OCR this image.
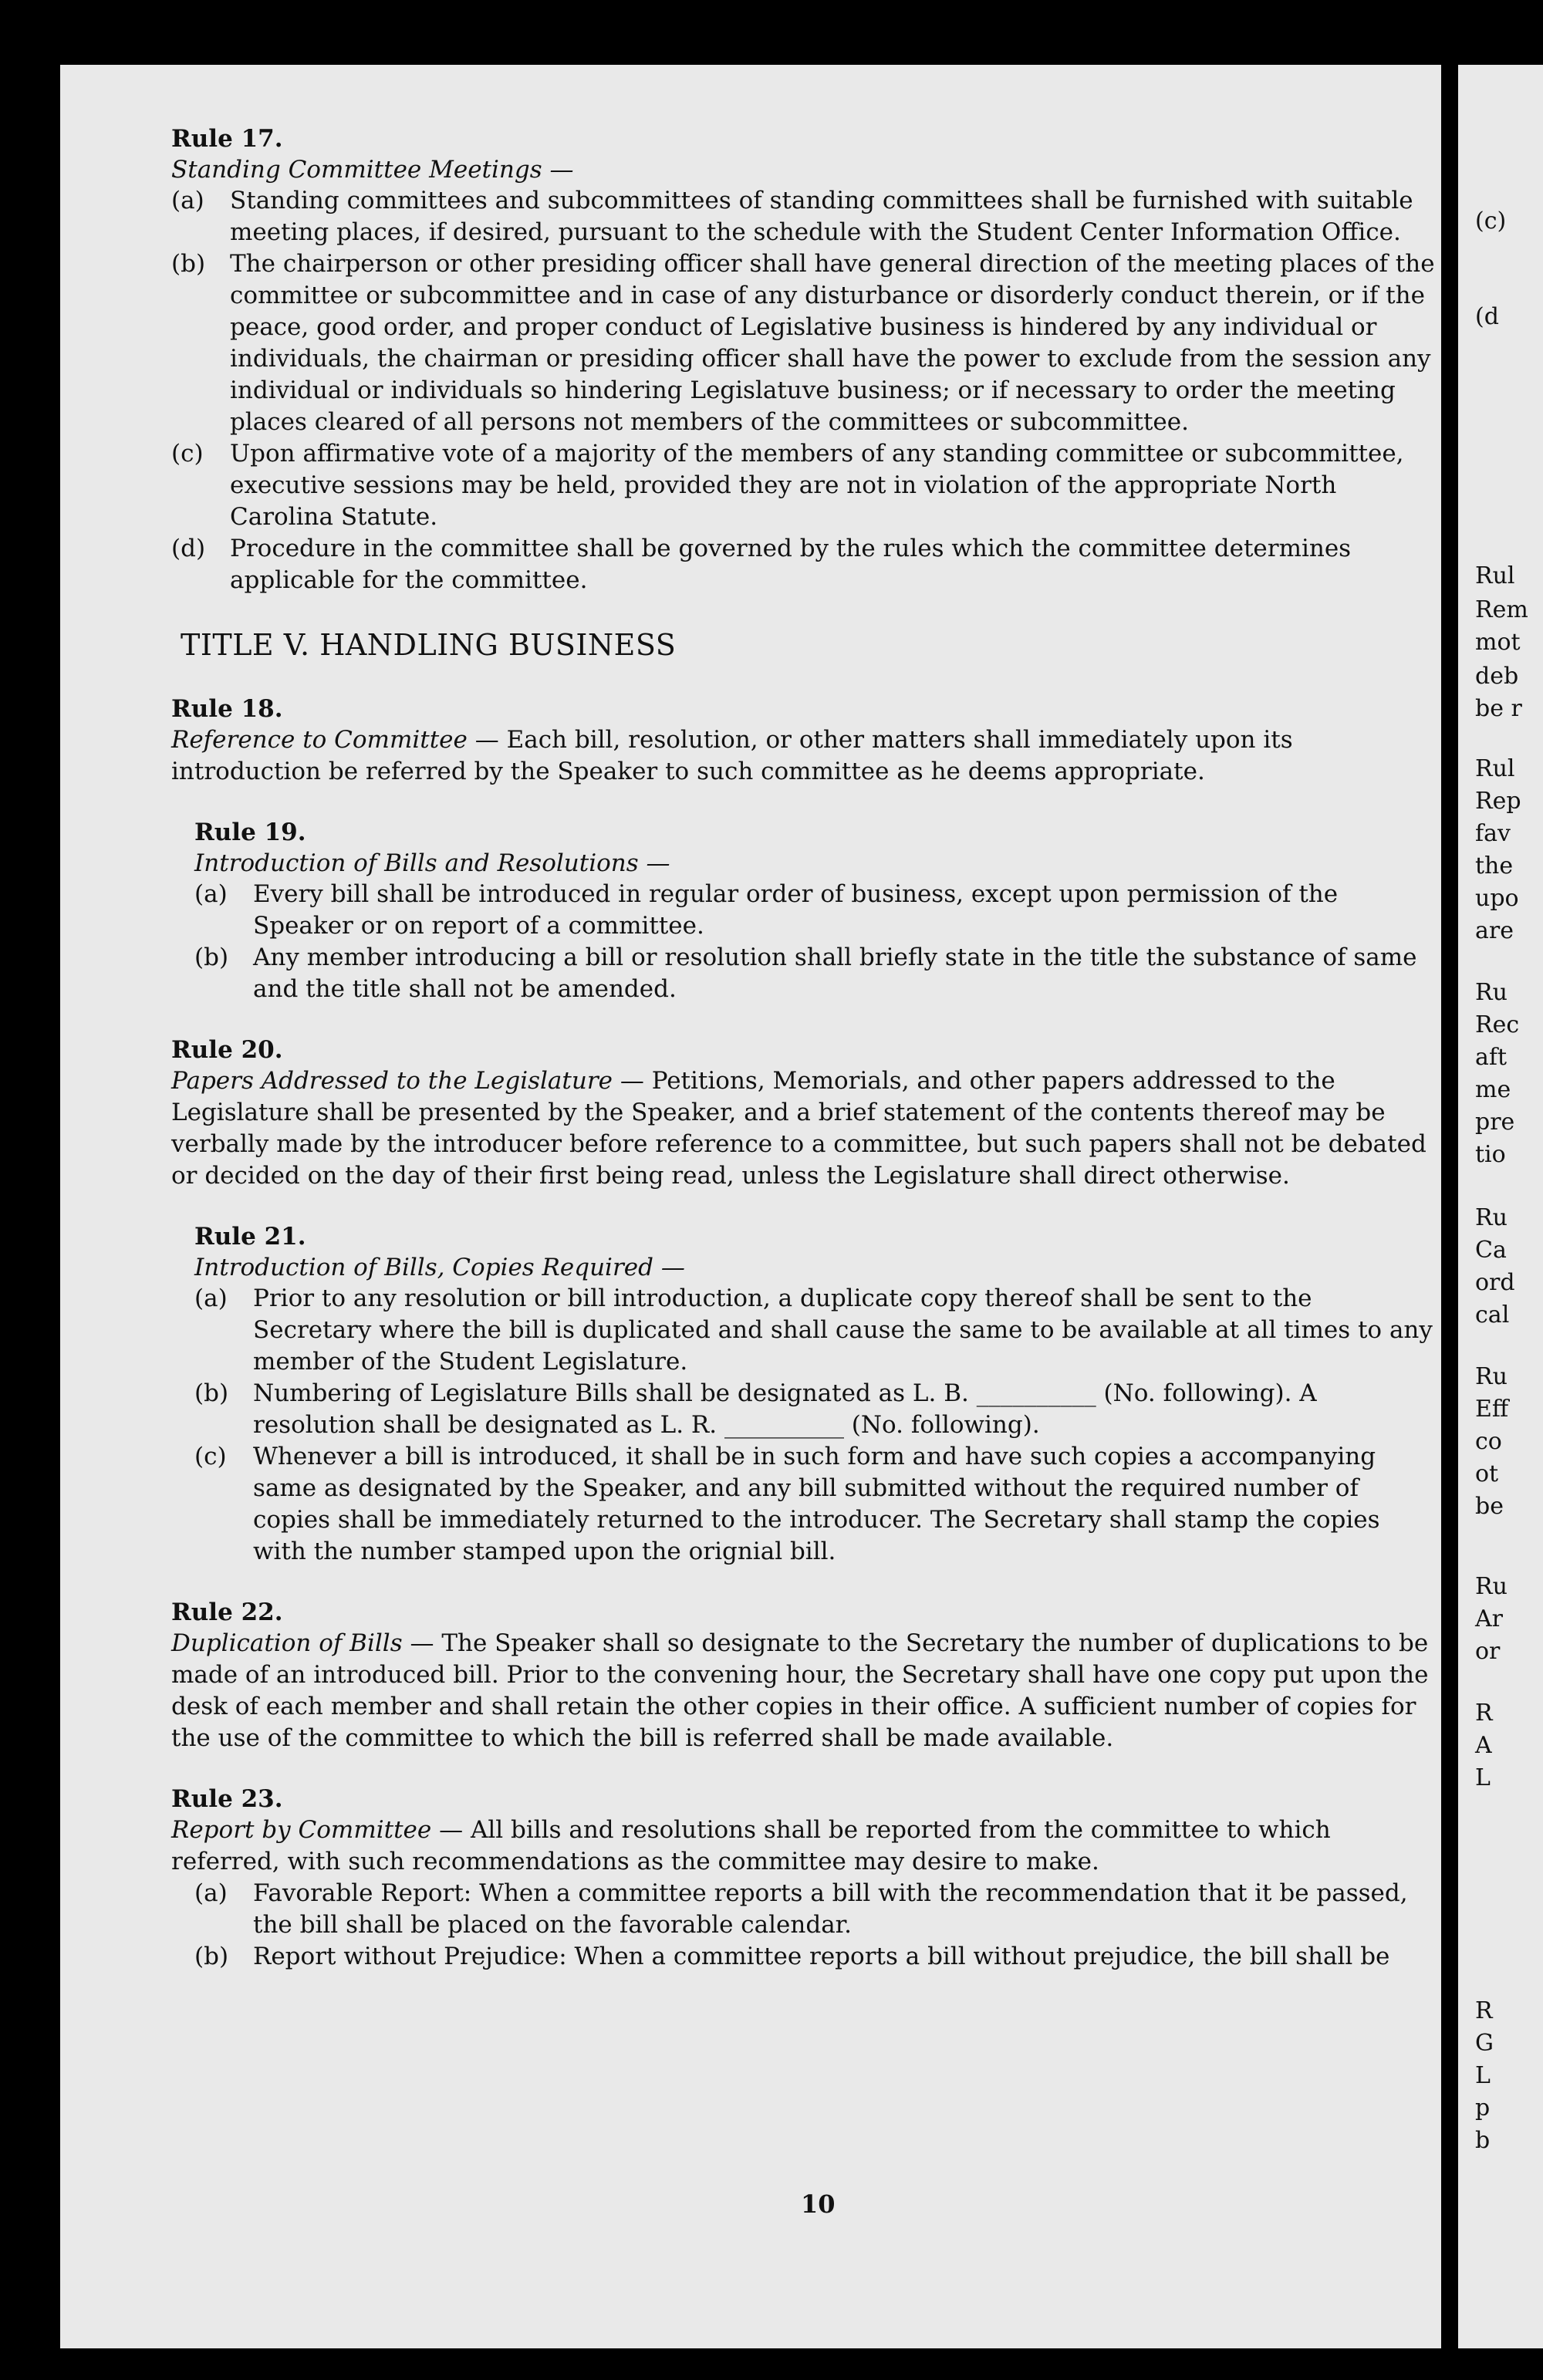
(c)
(d
Rul
Rem
mot
deb
be r
Rul
Rep
fav
the
upo
are
Ru
Rec
aft
me
pre
tio
Ru
Ca
ord
cal
Ru
Eff
co
ot
be
Ru
Ar
or
R
A
L
R
G
L
p
b
Rule 17.
Standing Committee Meetings —
(a)	Standing committees and subcommittees of standing committees shall be furnished with suitable meeting places, if desired, pursuant to the schedule with the Student Center Information Office.
(b)	The chairperson or other presiding officer shall have general direction of the meeting places of the committee or subcommittee and in case of any disturbance or disorderly conduct therein, or if the peace, good order, and proper conduct of Legislative business is hindered by any individual or individuals, the chairman or presiding officer shall have the power to exclude from the session any individual or individuals so hindering Legislatuve business; or if necessary to order the meeting places cleared of all persons not members of the committees or subcommittee.
(c)	Upon affirmative vote of a majority of the members of any standing committee or subcommittee, executive sessions may be held, provided they are not in violation of the appropriate North Carolina Statute.
(d)	Procedure in the committee shall be governed by the rules which the committee determines applicable for the committee.
TITLE V. HANDLING BUSINESS
Rule 18.
Reference to Committee — Each bill, resolution, or other matters shall immediately upon its introduction be referred by the Speaker to such committee as he deems appropriate.
Rule 19.
Introduction of Bills and Resolutions —
(a)	Every bill shall be introduced in regular order of business, except upon permission of the Speaker or on report of a committee.
(b)	Any member introducing a bill or resolution shall briefly state in the title the substance of same and the title shall not be amended.
Rule 20.
Papers Addressed to the Legislature — Petitions, Memorials, and other papers addressed to the Legislature shall be presented by the Speaker, and a brief statement of the contents thereof may be verbally made by the introducer before reference to a committee, but such papers shall not be debated or decided on the day of their first being read, unless the Legislature shall direct otherwise.
Rule 21.
Introduction of Bills, Copies Required —
(a)	Prior to any resolution or bill introduction, a duplicate copy thereof shall be sent to the Secretary where the bill is duplicated and shall cause the same to be available at all times to any member of the Student Legislature.
(b)	Numbering of Legislature Bills shall be designated as L. B. __________ (No. following). A resolution shall be designated as L. R. __________ (No. following).
(c)	Whenever a bill is introduced, it shall be in such form and have such copies a accompanying same as designated by the Speaker, and any bill submitted without the required number of copies shall be immediately returned to the introducer. The Secretary shall stamp the copies with the number stamped upon the orignial bill.
Rule 22.
Duplication of Bills — The Speaker shall so designate to the Secretary the number of duplications to be made of an introduced bill. Prior to the convening hour, the Secretary shall have one copy put upon the desk of each member and shall retain the other copies in their office. A sufficient number of copies for the use of the committee to which the bill is referred shall be made available.
Rule 23.
Report by Committee — All bills and resolutions shall be reported from the committee to which referred, with such recommendations as the committee may desire to make.
(a)	Favorable Report: When a committee reports a bill with the recommendation that it be passed, the bill shall be placed on the favorable calendar.
(b)	Report without Prejudice: When a committee reports a bill without prejudice, the bill shall be
10
